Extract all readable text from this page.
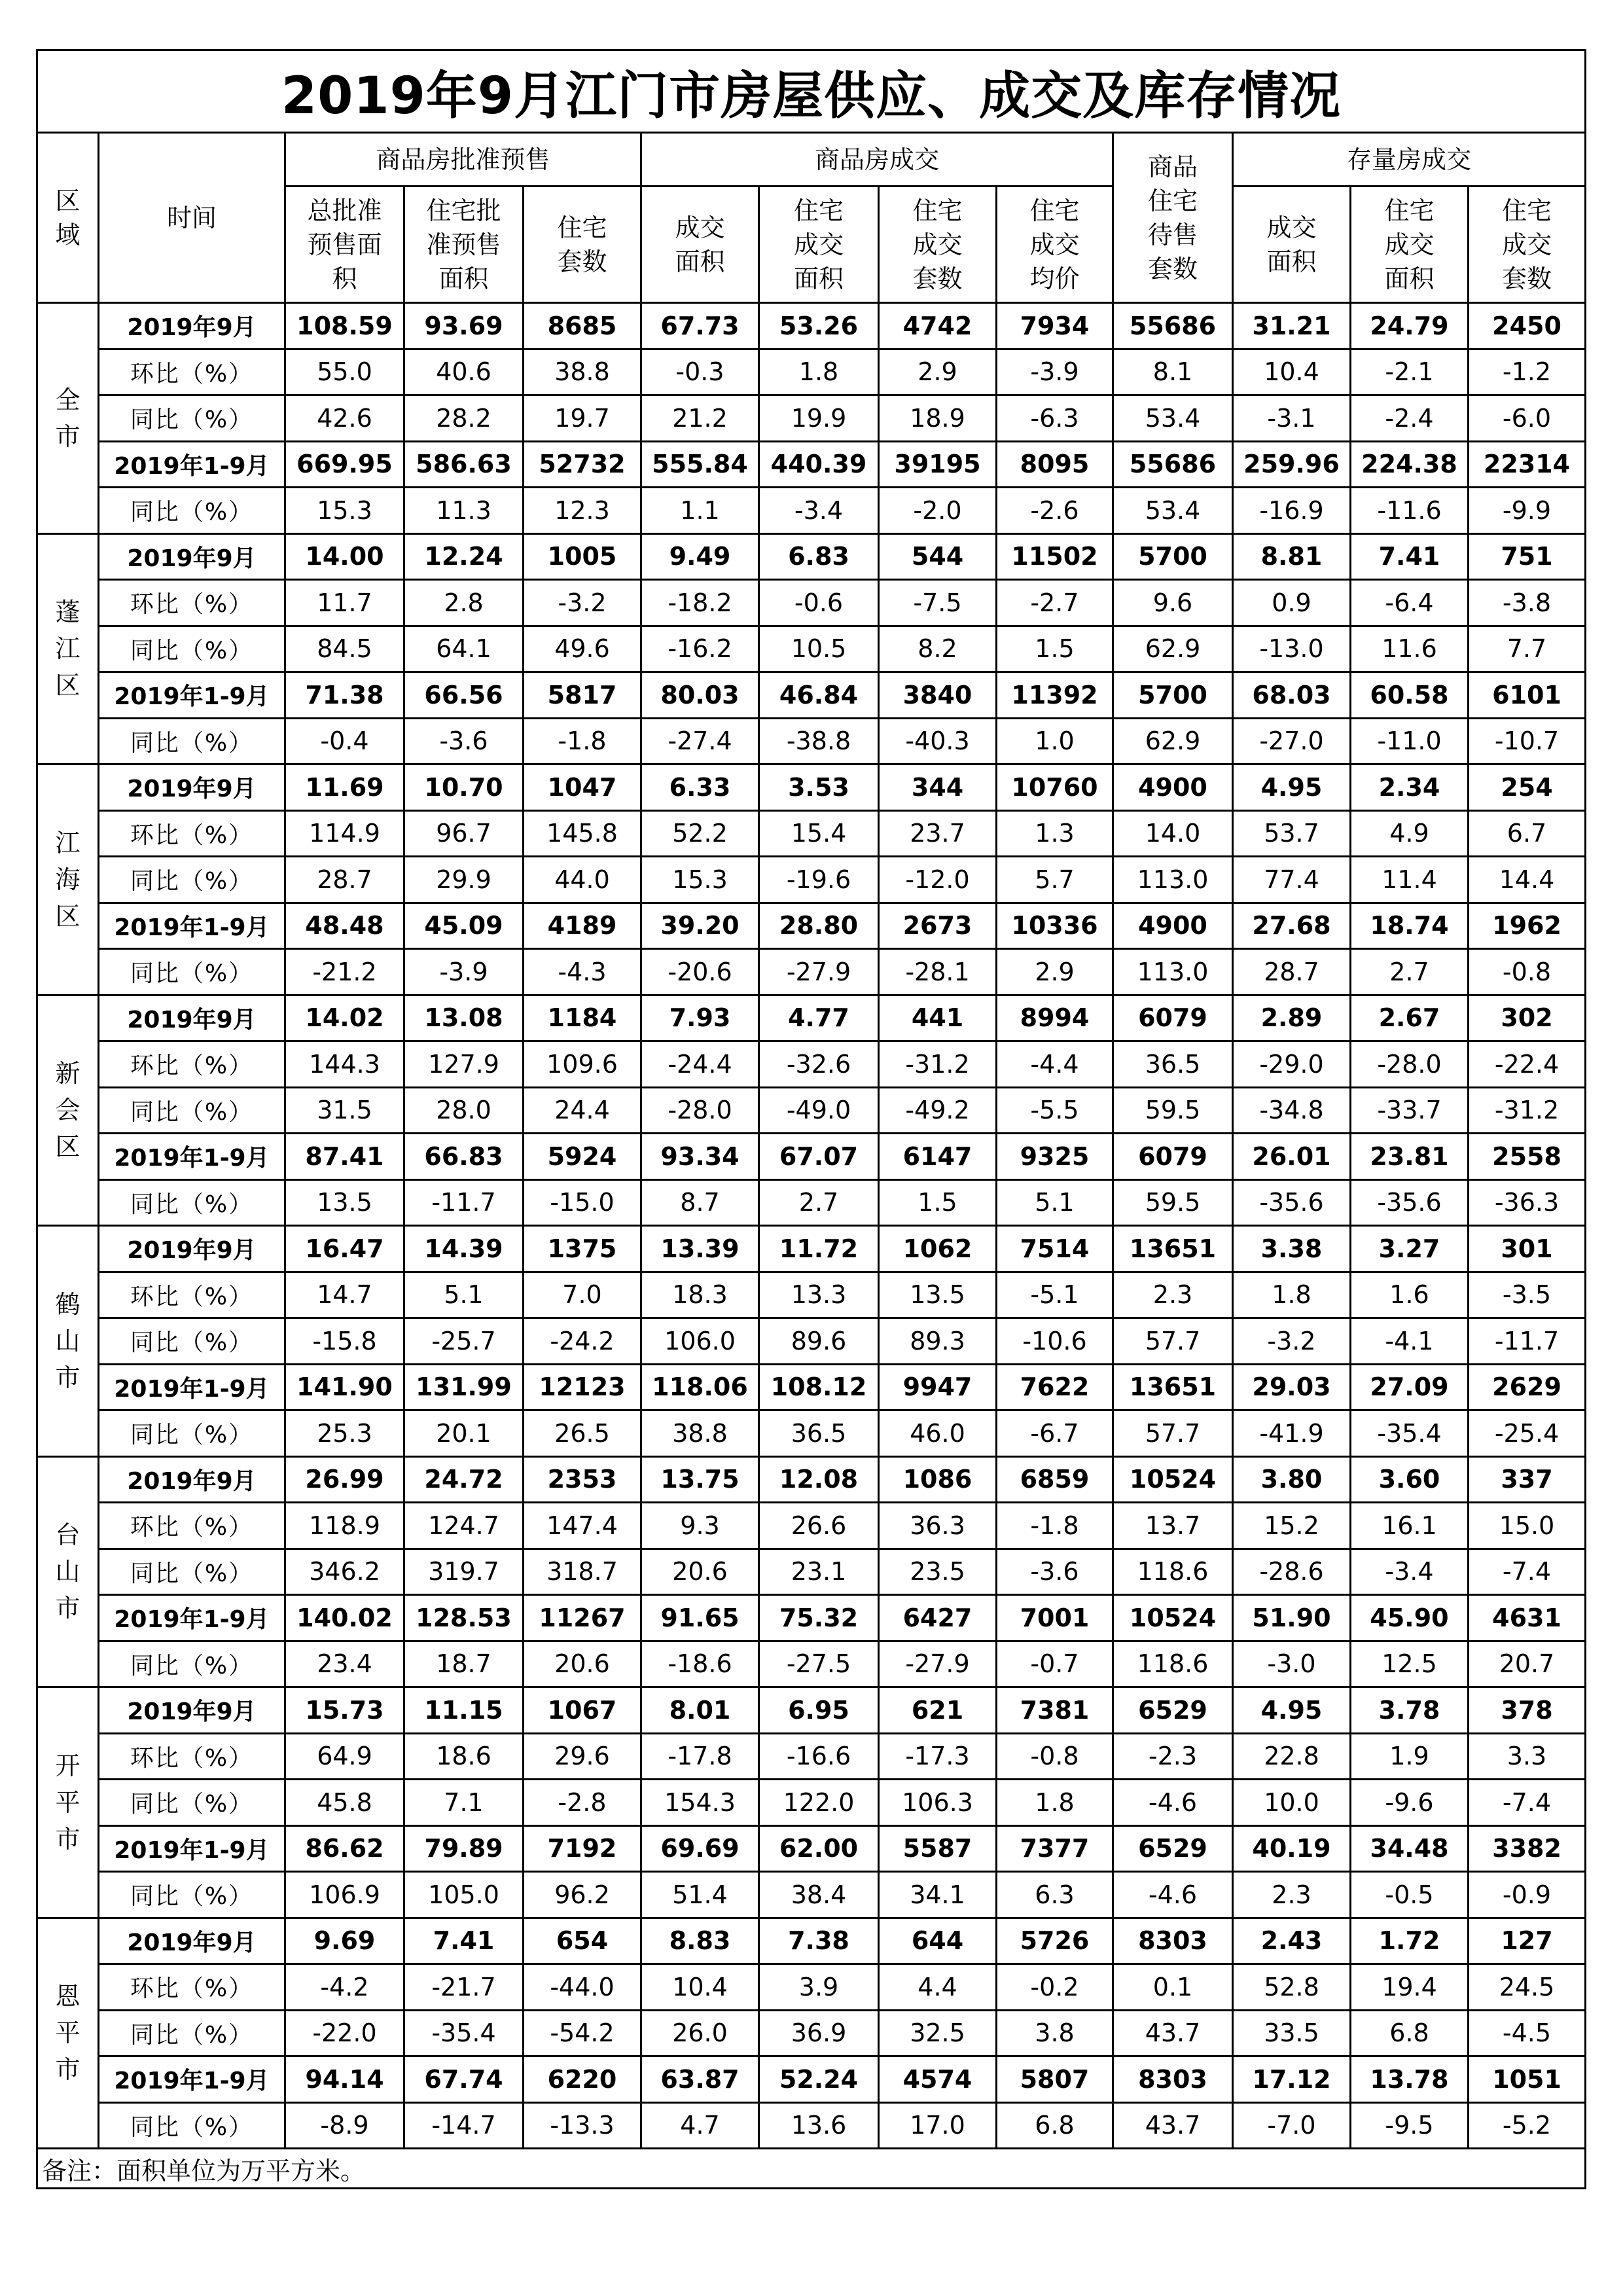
2019年9月江门市房屋供应、成交及库存情况												

区域	时间	商品房批准预售			商品房成交				商品住宅待售套数	存量房成交		

		总批准预售面积	住宅批准预售面积	住宅套数	成交面积	住宅成交面积	住宅成交套数	住宅成交均价		成交面积	住宅成交面积	住宅成交套数

全市	2019年9月	108.59	93.69	8685	67.73	53.26	4742	7934	55686	31.21	24.79	2450
	环比（%）	55.0	40.6	38.8	-0.3	1.8	2.9	-3.9	8.1	10.4	-2.1	-1.2
	同比（%）	42.6	28.2	19.7	21.2	19.9	18.9	-6.3	53.4	-3.1	-2.4	-6.0
	2019年1-9月	669.95	586.63	52732	555.84	440.39	39195	8095	55686	259.96	224.38	22314
	同比（%）	15.3	11.3	12.3	1.1	-3.4	-2.0	-2.6	53.4	-16.9	-11.6	-9.9

蓬江区	2019年9月	14.00	12.24	1005	9.49	6.83	544	11502	5700	8.81	7.41	751
	环比（%）	11.7	2.8	-3.2	-18.2	-0.6	-7.5	-2.7	9.6	0.9	-6.4	-3.8
	同比（%）	84.5	64.1	49.6	-16.2	10.5	8.2	1.5	62.9	-13.0	11.6	7.7
	2019年1-9月	71.38	66.56	5817	80.03	46.84	3840	11392	5700	68.03	60.58	6101
	同比（%）	-0.4	-3.6	-1.8	-27.4	-38.8	-40.3	1.0	62.9	-27.0	-11.0	-10.7

江海区	2019年9月	11.69	10.70	1047	6.33	3.53	344	10760	4900	4.95	2.34	254
	环比（%）	114.9	96.7	145.8	52.2	15.4	23.7	1.3	14.0	53.7	4.9	6.7
	同比（%）	28.7	29.9	44.0	15.3	-19.6	-12.0	5.7	113.0	77.4	11.4	14.4
	2019年1-9月	48.48	45.09	4189	39.20	28.80	2673	10336	4900	27.68	18.74	1962
	同比（%）	-21.2	-3.9	-4.3	-20.6	-27.9	-28.1	2.9	113.0	28.7	2.7	-0.8

新会区	2019年9月	14.02	13.08	1184	7.93	4.77	441	8994	6079	2.89	2.67	302
	环比（%）	144.3	127.9	109.6	-24.4	-32.6	-31.2	-4.4	36.5	-29.0	-28.0	-22.4
	同比（%）	31.5	28.0	24.4	-28.0	-49.0	-49.2	-5.5	59.5	-34.8	-33.7	-31.2
	2019年1-9月	87.41	66.83	5924	93.34	67.07	6147	9325	6079	26.01	23.81	2558
	同比（%）	13.5	-11.7	-15.0	8.7	2.7	1.5	5.1	59.5	-35.6	-35.6	-36.3

鹤山市	2019年9月	16.47	14.39	1375	13.39	11.72	1062	7514	13651	3.38	3.27	301
	环比（%）	14.7	5.1	7.0	18.3	13.3	13.5	-5.1	2.3	1.8	1.6	-3.5
	同比（%）	-15.8	-25.7	-24.2	106.0	89.6	89.3	-10.6	57.7	-3.2	-4.1	-11.7
	2019年1-9月	141.90	131.99	12123	118.06	108.12	9947	7622	13651	29.03	27.09	2629
	同比（%）	25.3	20.1	26.5	38.8	36.5	46.0	-6.7	57.7	-41.9	-35.4	-25.4

台山市	2019年9月	26.99	24.72	2353	13.75	12.08	1086	6859	10524	3.80	3.60	337
	环比（%）	118.9	124.7	147.4	9.3	26.6	36.3	-1.8	13.7	15.2	16.1	15.0
	同比（%）	346.2	319.7	318.7	20.6	23.1	23.5	-3.6	118.6	-28.6	-3.4	-7.4
	2019年1-9月	140.02	128.53	11267	91.65	75.32	6427	7001	10524	51.90	45.90	4631
	同比（%）	23.4	18.7	20.6	-18.6	-27.5	-27.9	-0.7	118.6	-3.0	12.5	20.7

开平市	2019年9月	15.73	11.15	1067	8.01	6.95	621	7381	6529	4.95	3.78	378
	环比（%）	64.9	18.6	29.6	-17.8	-16.6	-17.3	-0.8	-2.3	22.8	1.9	3.3
	同比（%）	45.8	7.1	-2.8	154.3	122.0	106.3	1.8	-4.6	10.0	-9.6	-7.4
	2019年1-9月	86.62	79.89	7192	69.69	62.00	5587	7377	6529	40.19	34.48	3382
	同比（%）	106.9	105.0	96.2	51.4	38.4	34.1	6.3	-4.6	2.3	-0.5	-0.9

恩平市	2019年9月	9.69	7.41	654	8.83	7.38	644	5726	8303	2.43	1.72	127
	环比（%）	-4.2	-21.7	-44.0	10.4	3.9	4.4	-0.2	0.1	52.8	19.4	24.5
	同比（%）	-22.0	-35.4	-54.2	26.0	36.9	32.5	3.8	43.7	33.5	6.8	-4.5
	2019年1-9月	94.14	67.74	6220	63.87	52.24	4574	5807	8303	17.12	13.78	1051
	同比（%）	-8.9	-14.7	-13.3	4.7	13.6	17.0	6.8	43.7	-7.0	-9.5	-5.2
备注：面积单位为万平方米。												
